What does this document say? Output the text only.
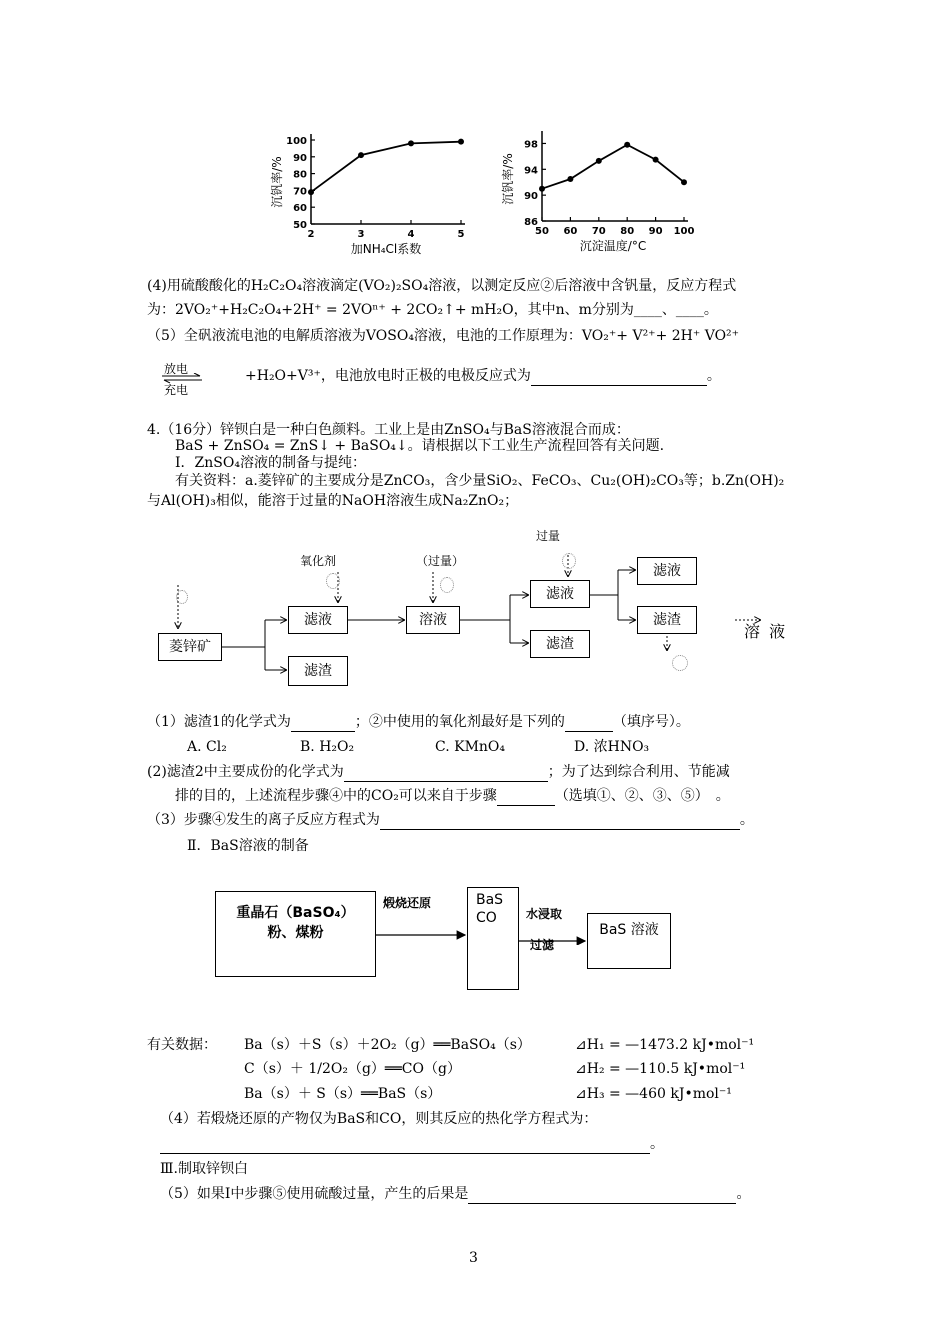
50
60
70
80
90
100
2	3	4	5
加NH₄Cl系数
沉钒率/%
86
90
94
98
50 60 70 80 90 100
沉淀温度/°C
沉钒率/%
(4)用硫酸酸化的H₂C₂O₄溶液滴定(VO₂)₂SO₄溶液，以测定反应②后溶液中含钒量，反应方程式
为：2VO₂⁺+H₂C₂O₄+2H⁺ = 2VOⁿ⁺ + 2CO₂↑+ mH₂O，其中n、m分别为____、____。
（5）全矾液流电池的电解质溶液为VOSO₄溶液，电池的工作原理为：VO₂⁺+ V²⁺+ 2H⁺ VO²⁺
放电
充电
+H₂O+V³⁺，电池放电时正极的电极反应式为	。
4.（16分）锌钡白是一种白色颜料。工业上是由ZnSO₄与BaS溶液混合而成：
BaS + ZnSO₄ = ZnS↓ + BaSO₄↓。请根据以下工业生产流程回答有关问题.
Ⅰ．ZnSO₄溶液的制备与提纯：
有关资料：a.菱锌矿的主要成分是ZnCO₃，含少量SiO₂、FeCO₃、Cu₂(OH)₂CO₃等；b.Zn(OH)₂
与Al(OH)₃相似，能溶于过量的NaOH溶液生成Na₂ZnO₂；
菱锌矿
滤液
滤渣
溶液
滤液
滤渣
滤液
滤渣
溶 液
氧化剂	（过量）
过量
（1）滤渣1的化学式为	；②中使用的氧化剂最好是下列的	（填序号）。
A. Cl₂	B. H₂O₂	C. KMnO₄	D. 浓HNO₃
(2)滤渣2中主要成份的化学式为	；为了达到综合利用、节能减
排的目的，上述流程步骤④中的CO₂可以来自于步骤	（选填①、②、③、⑤）　。
（3）步骤④发生的离子反应方程式为	。
Ⅱ．BaS溶液的制备
重晶石（BaSO₄）
粉、煤粉
BaS
CO
BaS 溶液
煅烧还原
水浸取
过滤
有关数据： Ba（s）＋S（s）＋2O₂（g）══BaSO₄（s）	⊿H₁ = —1473.2 kJ•mol⁻¹
C（s）＋ 1/2O₂（g）══CO（g）	⊿H₂ = —110.5 kJ•mol⁻¹
Ba（s）＋ S（s）══BaS（s）	⊿H₃ = —460 kJ•mol⁻¹
（4）若煅烧还原的产物仅为BaS和CO，则其反应的热化学方程式为：
。
Ⅲ.制取锌钡白
（5）如果Ⅰ中步骤⑤使用硫酸过量，产生的后果是	。
3
